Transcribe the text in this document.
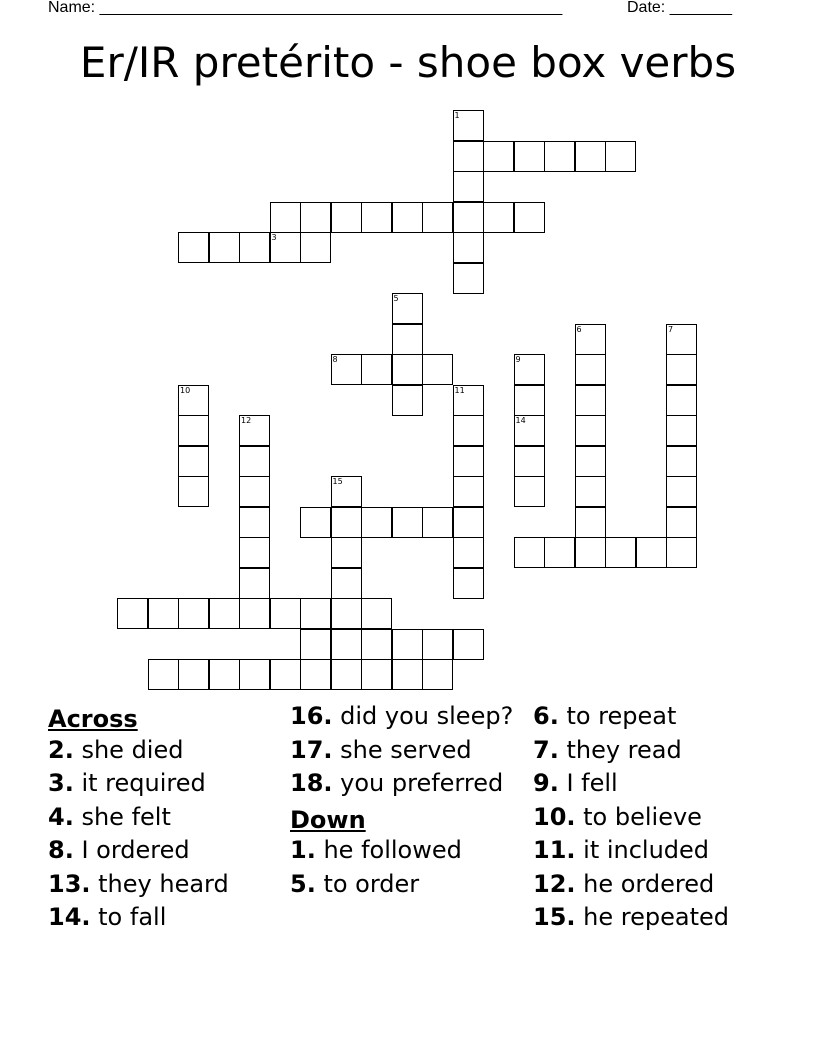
Name: ____________________________________________________	Date: _______
Er/IR pretérito - shoe box verbs
3
8
1
5
6	7
9
14
10	11
12
15
Across
2. she died
3. it required
4. she felt
8. I ordered
13. they heard
14. to fall
16. did you sleep?
17. she served
18. you preferred
Down
1. he followed
5. to order
6. to repeat
7. they read
9. I fell
10. to believe
11. it included
12. he ordered
15. he repeated
